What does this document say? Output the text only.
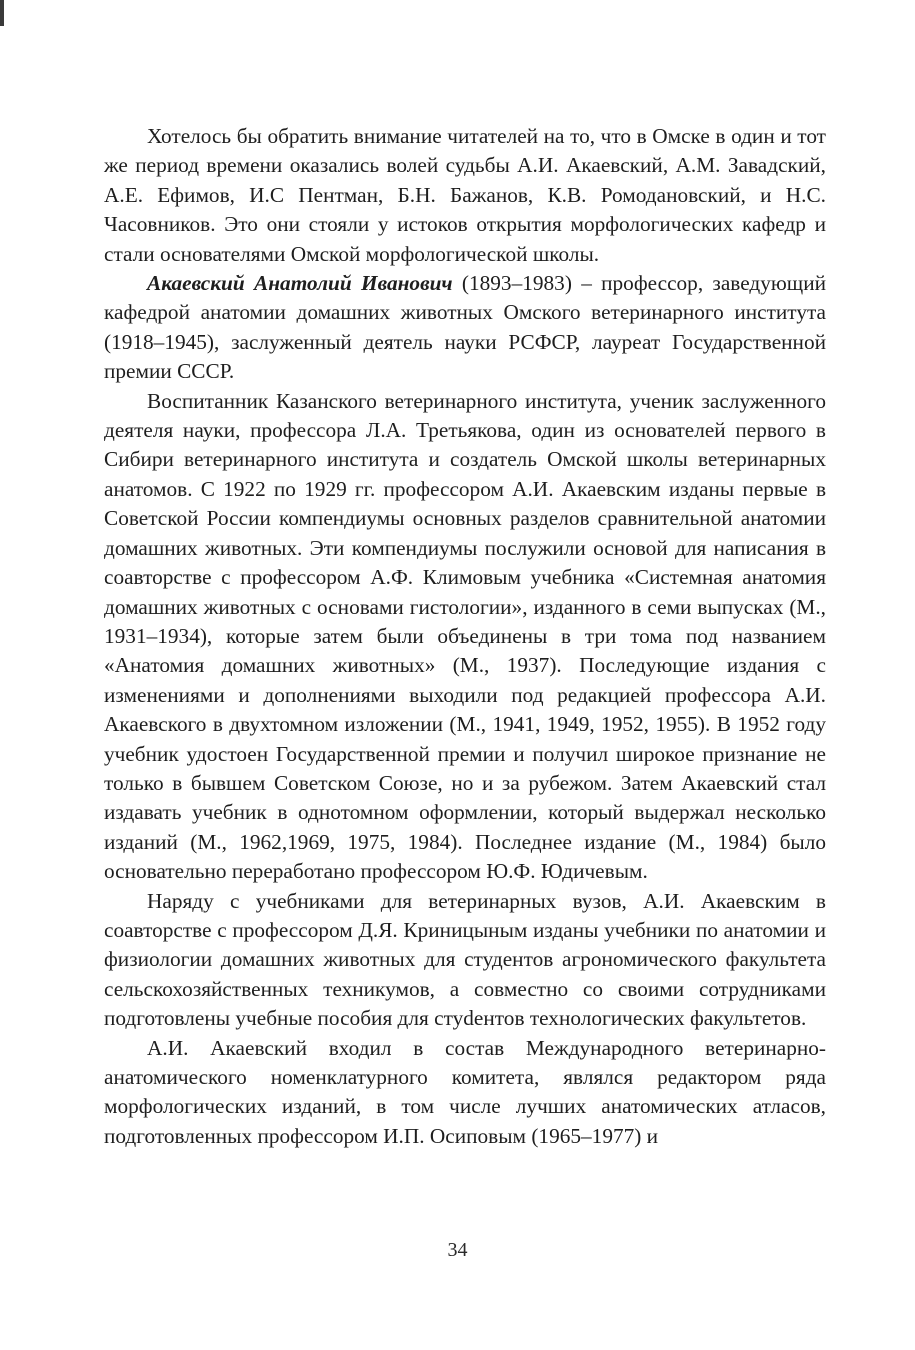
Хотелось бы обратить внимание читателей на то, что в Омске в один и тот же период времени оказались волей судьбы А.И. Акаевский, А.М. Завадский, А.Е. Ефимов, И.С Пентман, Б.Н. Бажанов, К.В. Ромодановский, и Н.С. Часовников. Это они стояли у истоков открытия морфологических кафедр и стали основателями Омской морфологической школы.

Акаевский Анатолий Иванович (1893–1983) – профессор, заведующий кафедрой анатомии домашних животных Омского ветеринарного института (1918–1945), заслуженный деятель науки РСФСР, лауреат Государственной премии СССР.

Воспитанник Казанского ветеринарного института, ученик заслуженного деятеля науки, профессора Л.А. Третьякова, один из основателей первого в Сибири ветеринарного института и создатель Омской школы ветеринарных анатомов. С 1922 по 1929 гг. профессором А.И. Акаевским изданы первые в Советской России компендиумы основных разделов сравнительной анатомии домашних животных. Эти компендиумы послужили основой для написания в соавторстве с профессором А.Ф. Климовым учебника «Системная анатомия домашних животных с основами гистологии», изданного в семи выпусках (М., 1931–1934), которые затем были объединены в три тома под названием «Анатомия домашних животных» (М., 1937). Последующие издания с изменениями и дополнениями выходили под редакцией профессора А.И. Акаевского в двухтомном изложении (М., 1941, 1949, 1952, 1955). В 1952 году учебник удостоен Государственной премии и получил широкое признание не только в бывшем Советском Союзе, но и за рубежом. Затем Акаевский стал издавать учебник в однотомном оформлении, который выдержал несколько изданий (М., 1962,1969, 1975, 1984). Последнее издание (М., 1984) было основательно переработано профессором Ю.Ф. Юдичевым.

Наряду с учебниками для ветеринарных вузов, А.И. Акаевским в соавторстве с профессором Д.Я. Криницыным изданы учебники по анатомии и физиологии домашних животных для студентов агрономического факультета сельскохозяйственных техникумов, а совместно со своими сотрудниками подготовлены учебные пособия для стуdентов технологических факультетов.

А.И. Акаевский входил в состав Международного ветеринарно-анатомического номенклатурного комитета, являлся редактором ряда морфологических изданий, в том числе лучших анатомических атласов, подготовленных профессором И.П. Осиповым (1965–1977) и

34
